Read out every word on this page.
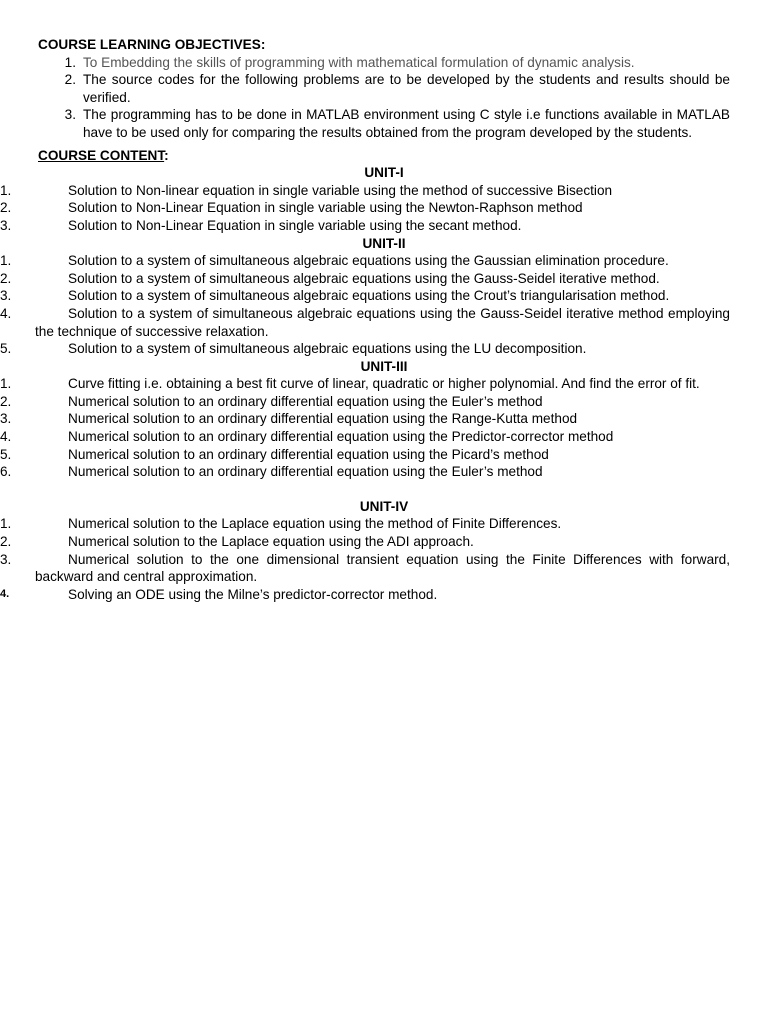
COURSE LEARNING OBJECTIVES:
1. To Embedding the skills of programming with mathematical formulation of dynamic analysis.
2. The source codes for the following problems are to be developed by the students and results should be verified.
3. The programming has to be done in MATLAB environment using C style i.e functions available in MATLAB have to be used only for comparing the results obtained from the program developed by the students.
COURSE CONTENT:
UNIT-I
1.	Solution to Non-linear equation in single variable using the method of successive Bisection
2.	Solution to Non-Linear Equation in single variable using the Newton-Raphson method
3.	Solution to Non-Linear Equation in single variable using the secant method.
UNIT-II
1.	Solution to a system of simultaneous algebraic equations using the Gaussian elimination procedure.
2.	Solution to a system of simultaneous algebraic equations using the Gauss-Seidel iterative method.
3.	Solution to a system of simultaneous algebraic equations using the Crout’s triangularisation method.
4.	Solution to a system of simultaneous algebraic equations using the Gauss-Seidel iterative method employing the technique of successive relaxation.
5.	Solution to a system of simultaneous algebraic equations using the LU decomposition.
UNIT-III
1.	Curve fitting i.e. obtaining a best fit curve of linear, quadratic or higher polynomial. And find the error of fit.
2.	Numerical solution to an ordinary differential equation using the Euler’s method
3.	Numerical solution to an ordinary differential equation using the Range-Kutta method
4.	Numerical solution to an ordinary differential equation using the Predictor-corrector method
5.	Numerical solution to an ordinary differential equation using the Picard’s method
6.	Numerical solution to an ordinary differential equation using the Euler’s method
UNIT-IV
1.	Numerical solution to the Laplace equation using the method of Finite Differences.
2.	Numerical solution to the Laplace equation using the ADI approach.
3.	Numerical solution to the one dimensional transient equation using the Finite Differences with forward, backward and central approximation.
4.	Solving an ODE using the Milne’s predictor-corrector method.
